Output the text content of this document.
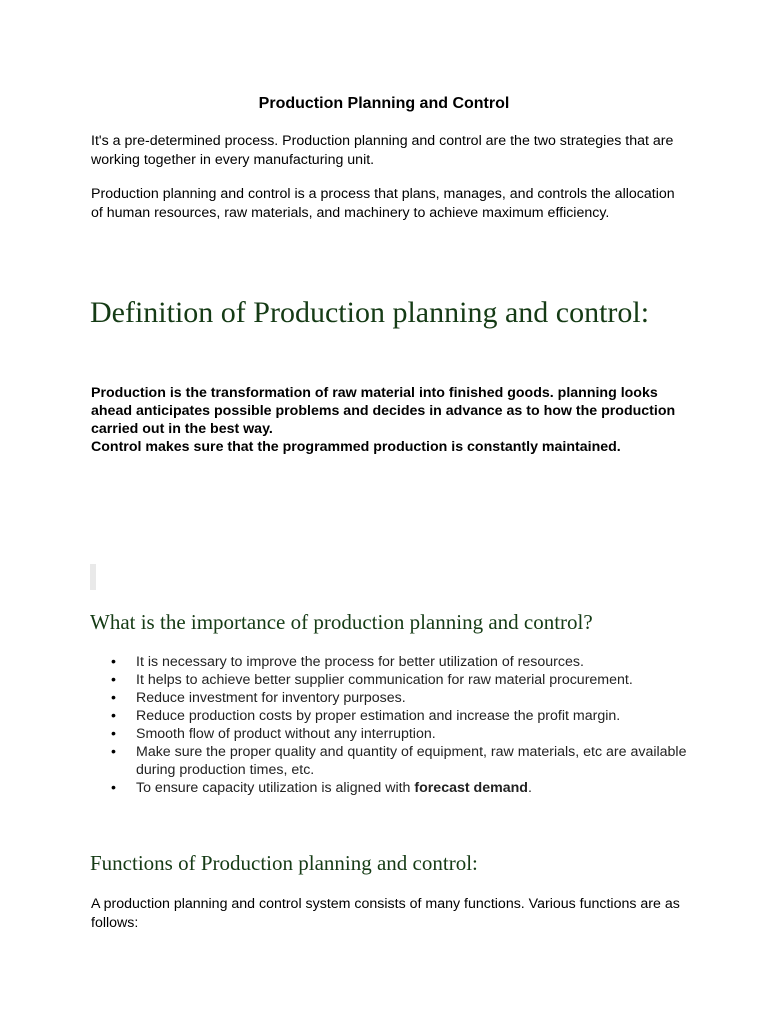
Production Planning and Control

It's a pre-determined process. Production planning and control are the two strategies that are working together in every manufacturing unit.

Production planning and control is a process that plans, manages, and controls the allocation of human resources, raw materials, and machinery to achieve maximum efficiency.

Definition of Production planning and control:
Production is the transformation of raw material into finished goods. planning looks ahead anticipates possible problems and decides in advance as to how the production carried out in the best way.
Control makes sure that the programmed production is constantly maintained.
What is the importance of production planning and control?
• It is necessary to improve the process for better utilization of resources.
• It helps to achieve better supplier communication for raw material procurement.
• Reduce investment for inventory purposes.
• Reduce production costs by proper estimation and increase the profit margin.
• Smooth flow of product without any interruption.
• Make sure the proper quality and quantity of equipment, raw materials, etc are available during production times, etc.
• To ensure capacity utilization is aligned with forecast demand.
Functions of Production planning and control:

A production planning and control system consists of many functions. Various functions are as follows:
